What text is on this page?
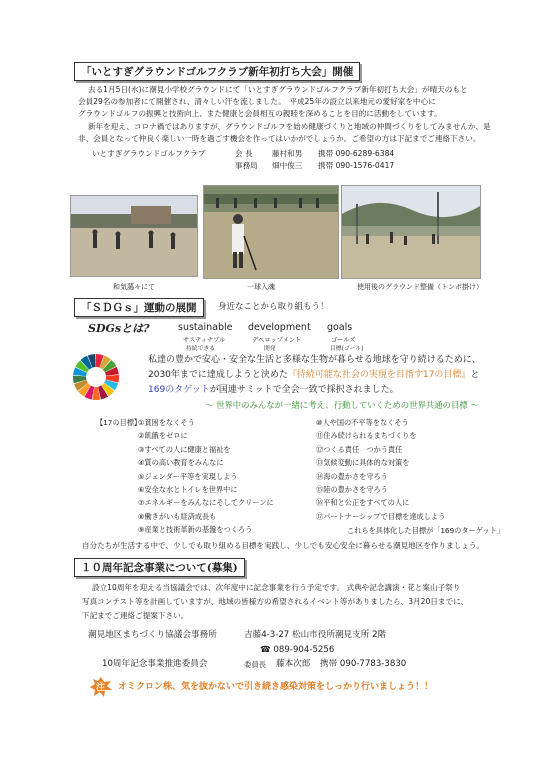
「いとすぎグラウンドゴルフクラブ新年初打ち大会」開催
去る1月5日(水)に潮見小学校グラウンドにて「いとすぎグラウンドゴルフクラブ新年初打ち大会」が晴天のもと
会員29名の参加者にて開催され、清々しい汗を流しました。　平成25年の設立以来地元の愛好家を中心に
グラウンドゴルフの振興と技術向上、また健康と会員相互の親睦を深めることを目的に活動をしています。
新年を迎え、コロナ禍ではありますが、グラウンドゴルフを始め健康づくりと地域の仲間づくりをしてみませんか、是
非、会員となって仲良く楽しい一時を過ごす機会を作ってはいかがでしょうか。ご希望の方は下記までご連絡下さい。
いとすぎグラウンドゴルフクラブ	会 長	藤村和男 携帯 090-6289-6384
事務局 畑中俊三 携帯 090-1576-0417
和気藹々にて	一球入魂	使用後のグラウンド整備（トンボ掛け）
「ＳＤＧｓ」運動の展開	身近なことから取り組もう！
SDGsとは?	sustainable development goals
サスティナブル	デベロップメント	ゴールズ
持続できる	開発	目標(ゴール)
私達の豊かで安心・安全な生活と多様な生物が暮らせる地球を守り続けるために、
2030年までに達成しようと決めた『持続可能な社会の実現を目指す17の目標』と
169のタゲットが国連サミットで全会一致で採択されました。
～ 世界中のみんなが一緒に考え、行動していくための世界共通の目標 ～
【17の目標】
①貧困をなくそう
②飢餓をゼロに
③すべての人に健康と福祉を
④質の高い教育をみんなに
⑤ジェンダー平等を実現しよう
⑥安全な水とトイレを世界中に
⑦エネルギーをみんなにそしてクリーンに
⑧働きがいも経済成長も
⑨産業と技術革新の基盤をつくろう
⑩人や国の不平等をなくそう
⑪住み続けられるまちづくりを
⑫つくる責任　つかう責任
⑬気候変動に具体的な対策を
⑭海の豊かさを守ろう
⑮陸の豊かさを守ろう
⑯平和と公正をすべての人に
⑰パートナーシップで目標を達成しよう
これらを具体化した目標が「169のターゲット」
自分たちが生活する中で、少しでも取り組める目標を実践し、少しでも安心安全に暮らせる潮見地区を作りましょう。
１０周年記念事業について(募集)
設立10周年を迎える当協議会では、次年度中に記念事業を行う予定です。 式典や記念講演・花と案山子祭り
写真コンテスト等を計画していますが、地域の皆様方の希望されるイベント等がありましたら、3月20日までに、
下記までご連絡ご提案下さい。
潮見地区まちづくり協議会事務所	吉藤4-3-27 松山市役所潮見支所 2階
☎ 089-904-5256
10周年記念事業推進委員会	委員長 藤本次郎 携帯 090-7783-3830
注 オミクロン株、気を抜かないで引き続き感染対策をしっかり行いましょう！！
